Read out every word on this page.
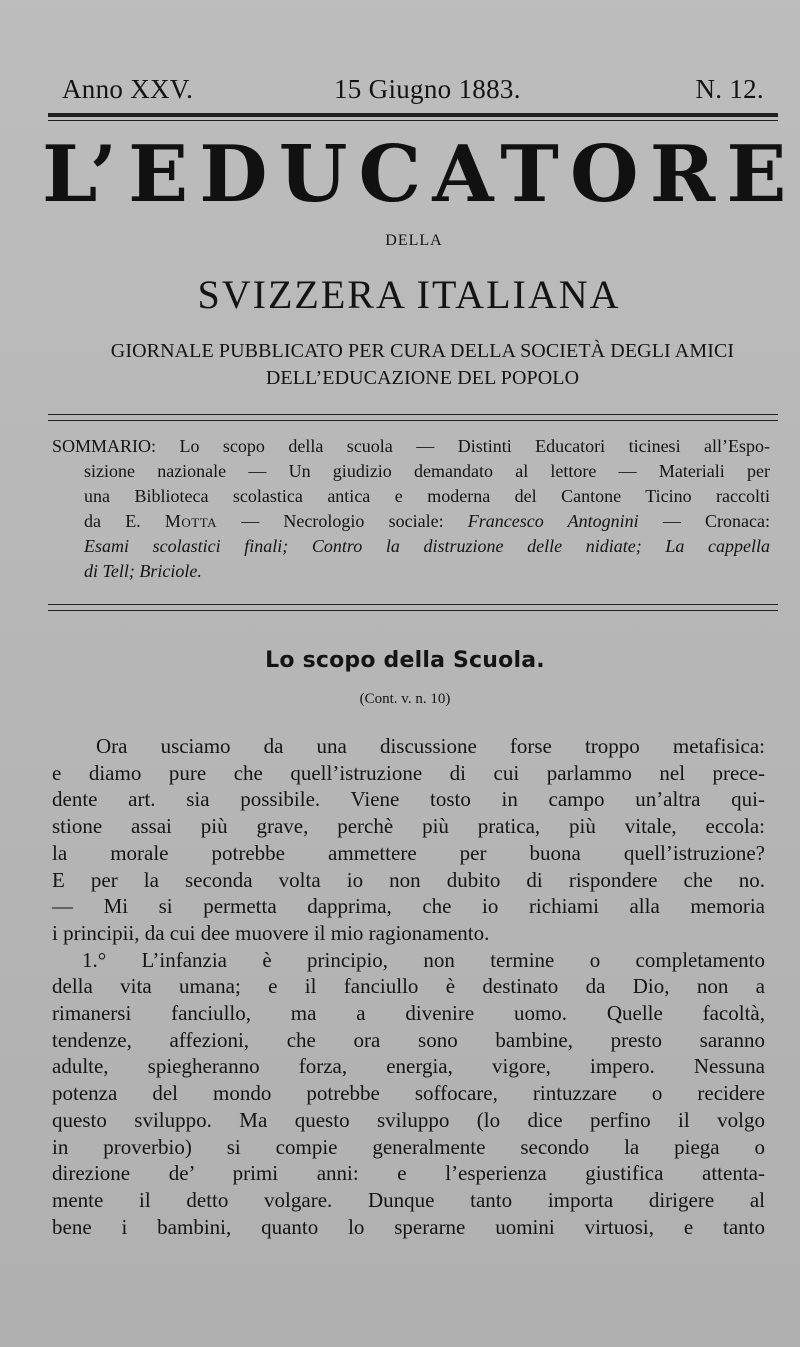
Anno XXV.	15 Giugno 1883.	N. 12.
L’EDUCATORE
DELLA
SVIZZERA ITALIANA
GIORNALE PUBBLICATO PER CURA DELLA SOCIETÀ DEGLI AMICI
DELL’EDUCAZIONE DEL POPOLO
SOMMARIO: Lo scopo della scuola — Distinti Educatori ticinesi all’Espo-
sizione nazionale — Un giudizio demandato al lettore — Materiali per
una Biblioteca scolastica antica e moderna del Cantone Ticino raccolti
da E. Motta — Necrologio sociale: Francesco Antognini — Cronaca:
Esami scolastici finali; Contro la distruzione delle nidiate; La cappella
di Tell; Briciole.
Lo scopo della Scuola.
(Cont. v. n. 10)
Ora usciamo da una discussione forse troppo metafisica:
e diamo pure che quell’istruzione di cui parlammo nel prece-
dente art. sia possibile. Viene tosto in campo un’altra qui-
stione assai più grave, perchè più pratica, più vitale, eccola:
la morale potrebbe ammettere per buona quell’istruzione?
E per la seconda volta io non dubito di rispondere che no.
— Mi si permetta dapprima, che io richiami alla memoria
i principii, da cui dee muovere il mio ragionamento.
1.° L’infanzia è principio, non termine o completamento
della vita umana; e il fanciullo è destinato da Dio, non a
rimanersi fanciullo, ma a divenire uomo. Quelle facoltà,
tendenze, affezioni, che ora sono bambine, presto saranno
adulte, spiegheranno forza, energia, vigore, impero. Nessuna
potenza del mondo potrebbe soffocare, rintuzzare o recidere
questo sviluppo. Ma questo sviluppo (lo dice perfino il volgo
in proverbio) si compie generalmente secondo la piega o
direzione de’ primi anni: e l’esperienza giustifica attenta-
mente il detto volgare. Dunque tanto importa dirigere al
bene i bambini, quanto lo sperarne uomini virtuosi, e tanto
